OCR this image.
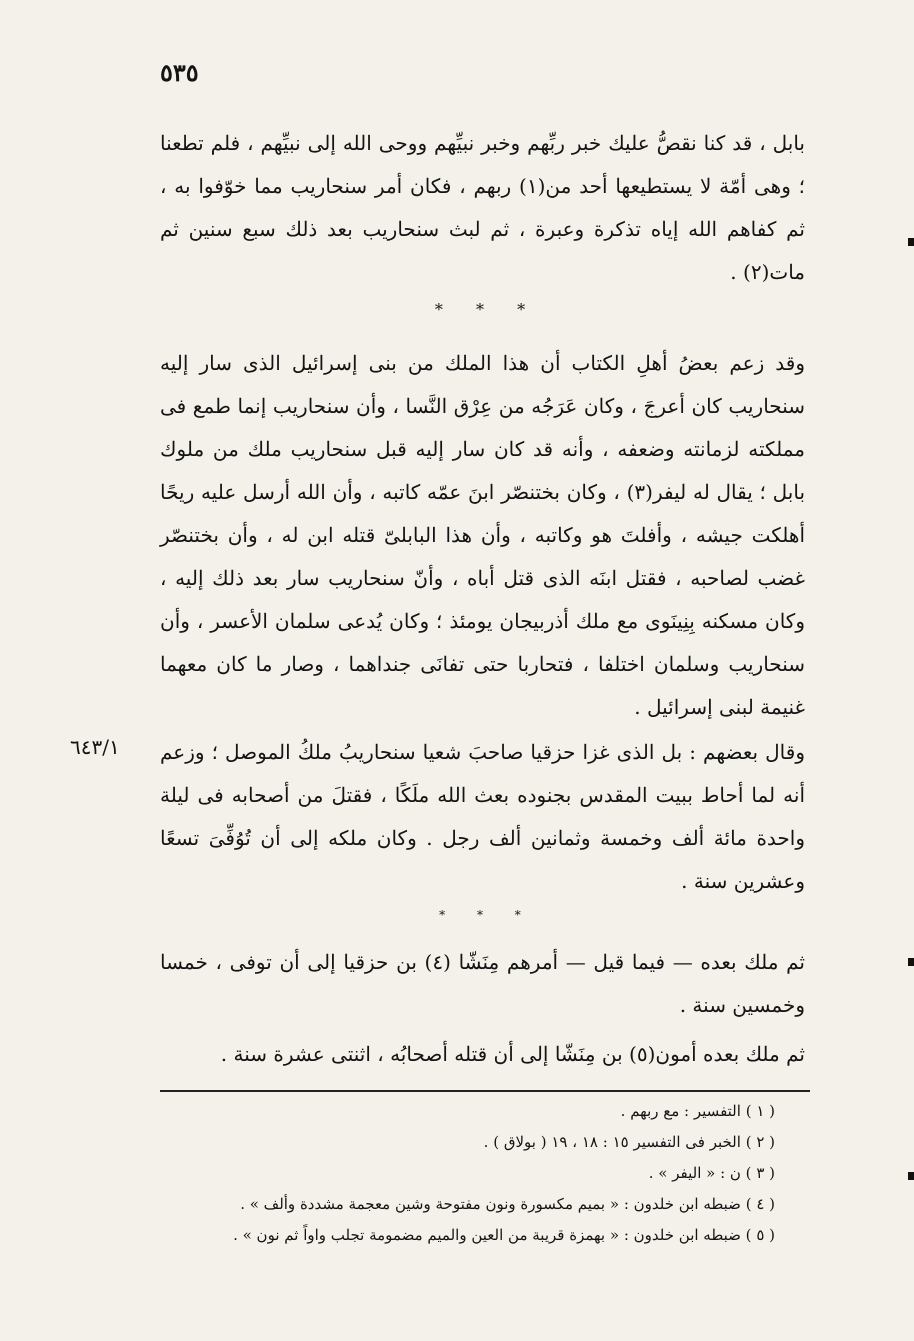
٥٣٥

بابل ، قد كنا نقصُّ عليك خبر ربِّهم وخبر نبيِّهم ووحى الله إلى نبيِّهم ، فلم تطعنا ؛ وهى أمّة لا يستطيعها أحد من(١) ربهم ، فكان أمر سنحاريب مما خوّفوا به ، ثم كفاهم الله إياه تذكرة وعبرة ، ثم لبث سنحاريب بعد ذلك سبع سنين ثم مات(٢) .

* * *

وقد زعم بعضُ أهلِ الكتاب أن هذا الملك من بنى إسرائيل الذى سار إليه سنحاريب كان أعرجَ ، وكان عَرَجُه من عِرْق النَّسا ، وأن سنحاريب إنما طمع فى مملكته لزمانته وضعفه ، وأنه قد كان سار إليه قبل سنحاريب ملك من ملوك بابل ؛ يقال له ليفر(٣) ، وكان بختنصّر ابنَ عمّه كاتبه ، وأن الله أرسل عليه ريحًا أهلكت جيشه ، وأفلتَ هو وكاتبه ، وأن هذا البابلىّ قتله ابن له ، وأن بختنصّر غضب لصاحبه ، فقتل ابنَه الذى قتل أباه ، وأنّ سنحاريب سار بعد ذلك إليه ، وكان مسكنه بِنِينَوى مع ملك أذربيجان يومئذ ؛ وكان يُدعى سلمان الأعسر ، وأن سنحاريب وسلمان اختلفا ، فتحاربا حتى تفانَى جنداهما ، وصار ما كان معهما غنيمة لبنى إسرائيل .

٦٤٣/١ وقال بعضهم : بل الذى غزا حزقيا صاحبَ شعيا سنحاريبُ ملكُ الموصل ؛ وزعم أنه لما أحاط ببيت المقدس بجنوده بعث الله ملَكًا ، فقتلَ من أصحابه فى ليلة واحدة مائة ألف وخمسة وثمانين ألف رجل . وكان ملكه إلى أن تُوُفِّىَ تسعًا وعشرين سنة .

* * *

ثم ملك بعده — فيما قيل — أمرهم مِنَشّا (٤) بن حزقيا إلى أن توفى ، خمسا وخمسين سنة .

ثم ملك بعده أمون(٥) بن مِنَشّا إلى أن قتله أصحابُه ، اثنتى عشرة سنة .

( ١ ) التفسير : مع ربهم .
( ٢ ) الخبر فى التفسير ١٥ : ١٨ ، ١٩ ( بولاق ) .
( ٣ ) ن : « اليفر » .
( ٤ ) ضبطه ابن خلدون : « بميم مكسورة ونون مفتوحة وشين معجمة مشددة وألف » .
( ٥ ) ضبطه ابن خلدون : « بهمزة قريبة من العين والميم مضمومة تجلب واواً ثم نون » .
